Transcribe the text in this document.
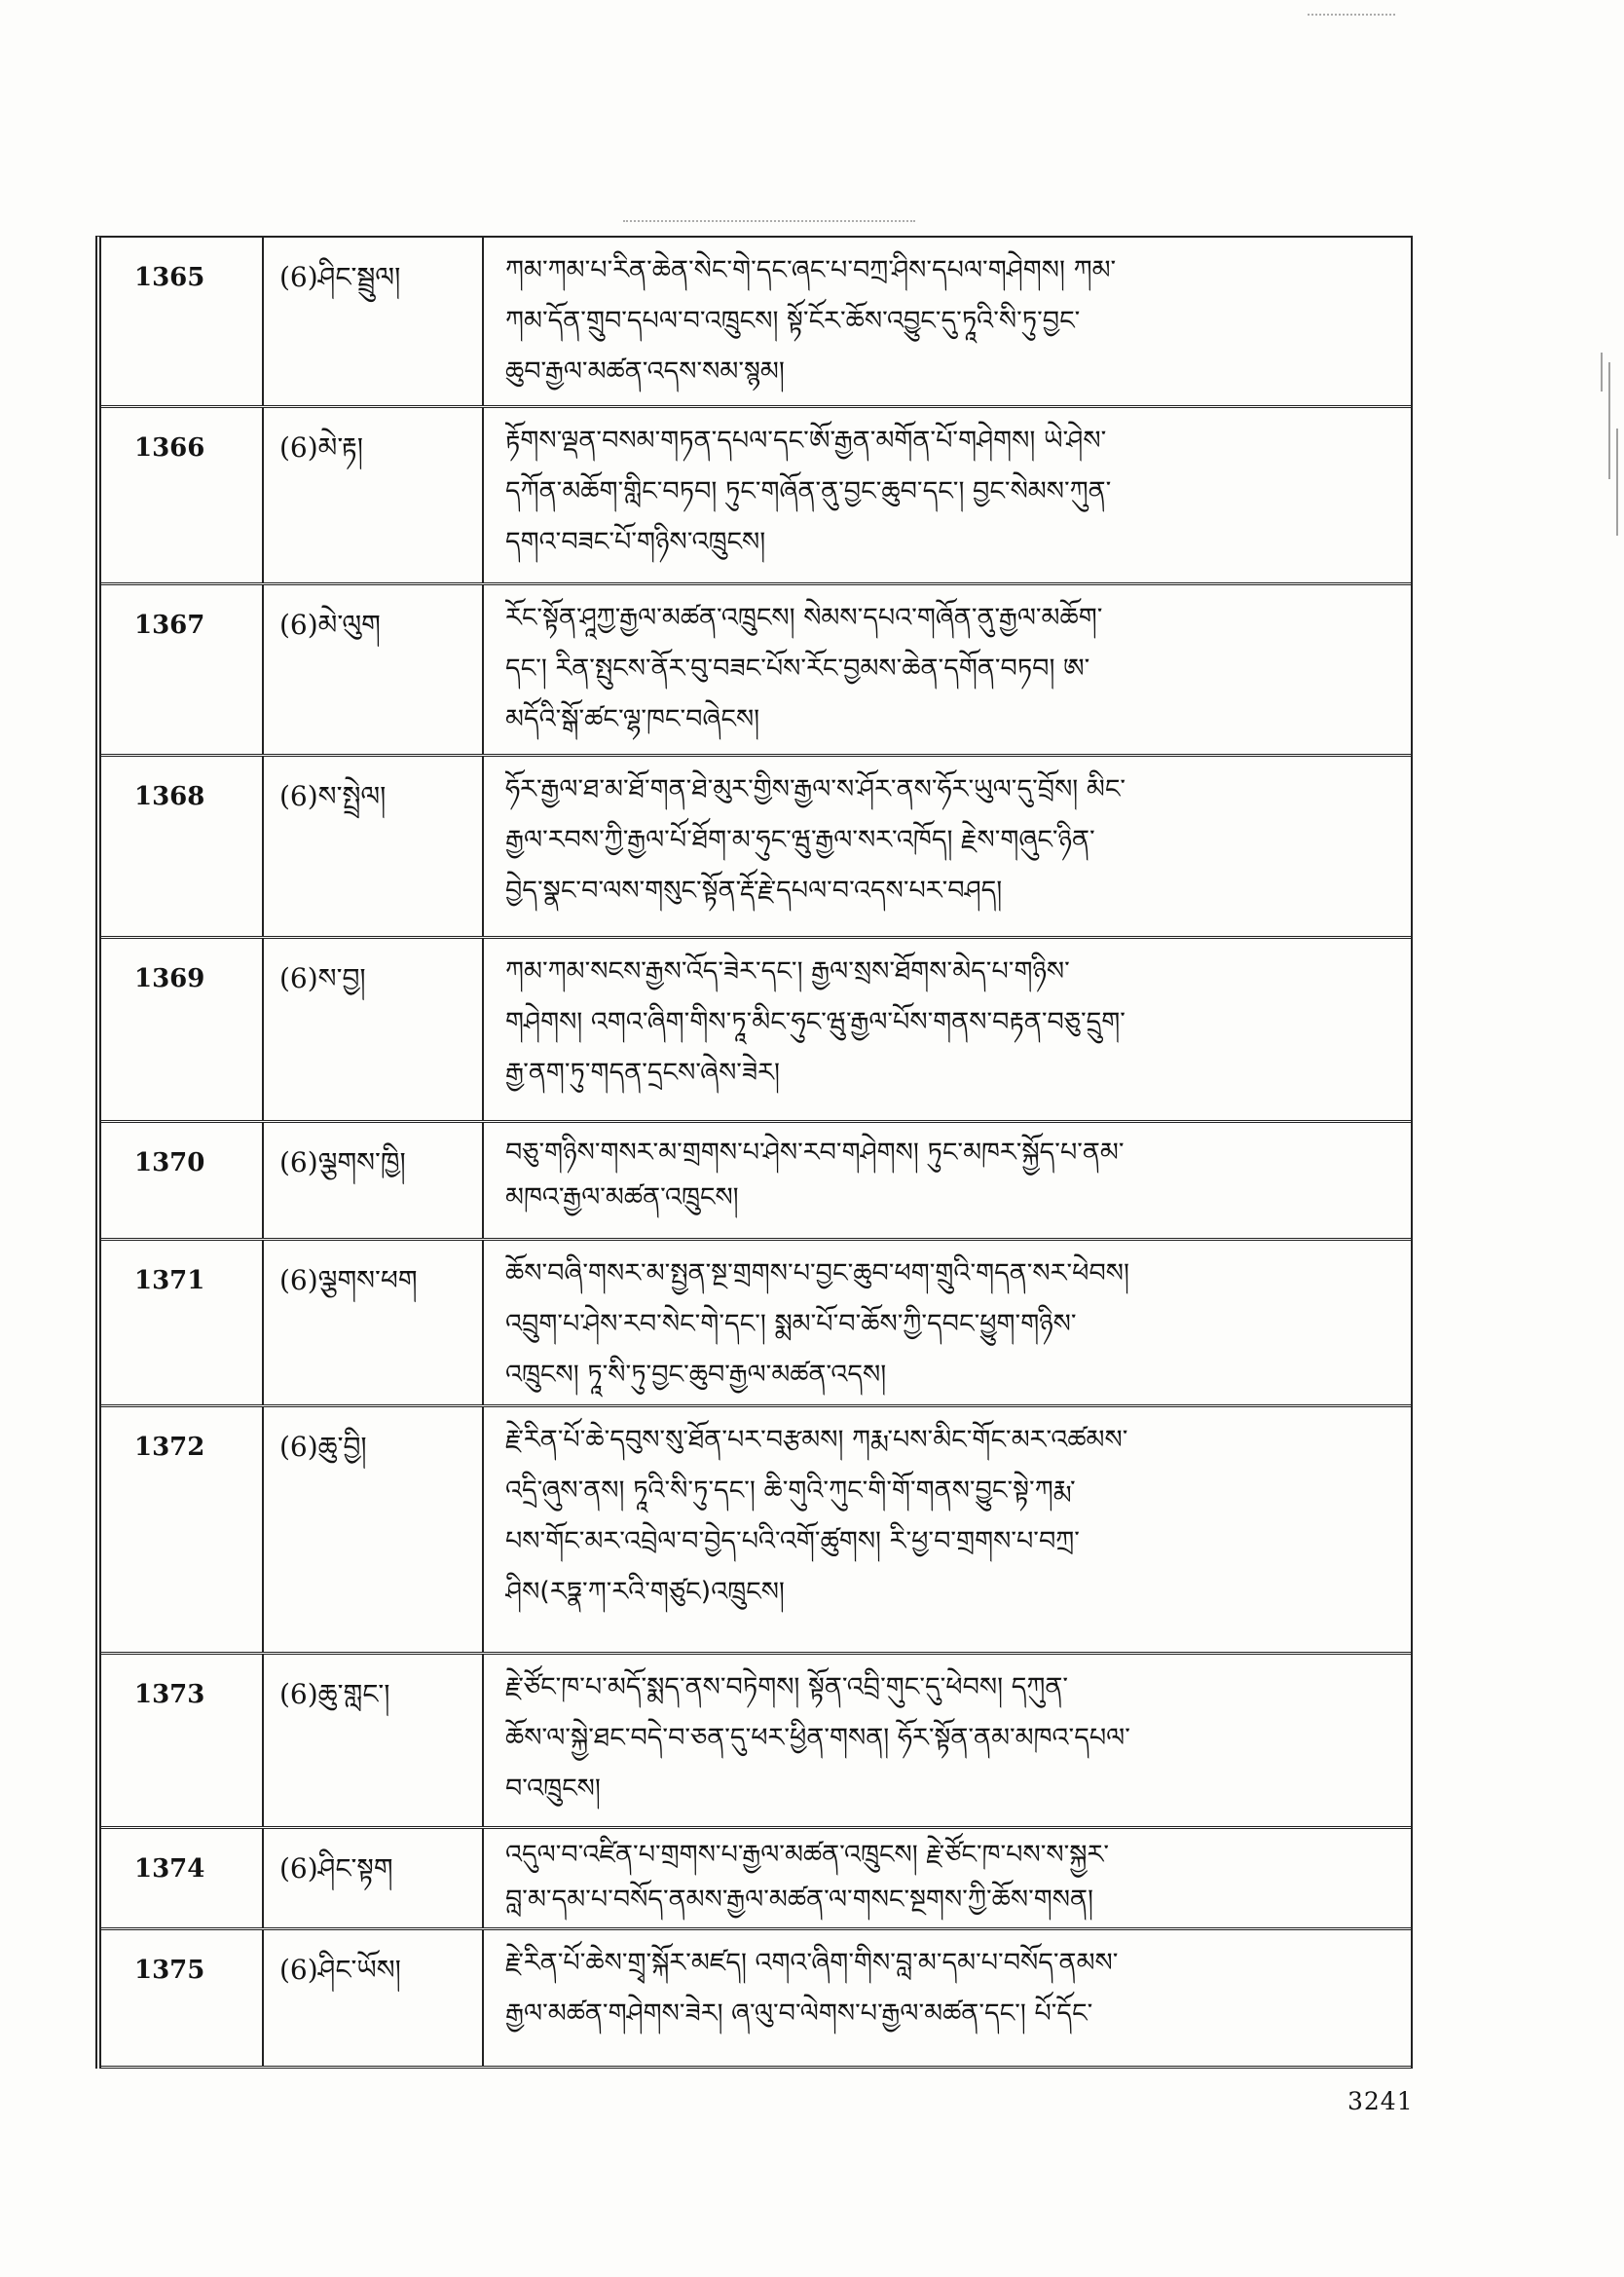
1365	(6)ཤིང་སྦྲུལ།	ཀམ་ཀམ་པ་རིན་ཆེན་སེང་གེ་དང་ཞང་པ་བཀྲ་ཤིས་དཔལ་གཤེགས། ཀམ་
ཀམ་དོན་གྲུབ་དཔལ་བ་འཁྲུངས། སྟོ་ངོར་ཆོས་འབྱུང་དུ་ཏཱའི་སི་ཏུ་བྱང་
ཆུབ་རྒྱལ་མཚན་འདས་སམ་སྙམ།
1366	(6)མེ་རྟ།	རྟོགས་ལྡན་བསམ་གཏན་དཔལ་དང་ཨོ་རྒྱན་མགོན་པོ་གཤེགས། ཡེ་ཤེས་
དཀོན་མཆོག་གླིང་བཏབ། ཏུང་གཞོན་ནུ་བྱང་ཆུབ་དང་། བྱང་སེམས་ཀུན་
དགའ་བཟང་པོ་གཉིས་འཁྲུངས།
1367	(6)མེ་ལུག	རོང་སྟོན་ཤཱཀྱ་རྒྱལ་མཚན་འཁྲུངས། སེམས་དཔའ་གཞོན་ནུ་རྒྱལ་མཆོག་
དང་། རིན་སྤུངས་ནོར་བུ་བཟང་པོས་རོང་བྱམས་ཆེན་དགོན་བཏབ། ཨ་
མདོའི་སྒོ་ཚང་ལྷ་ཁང་བཞེངས།
1368	(6)ས་སྤྲེལ།	ཧོར་རྒྱལ་ཐ་མ་ཐོ་གན་ཐེ་མུར་གྱིས་རྒྱལ་ས་ཤོར་ནས་ཧོར་ཡུལ་དུ་བྲོས། མིང་
རྒྱལ་རབས་ཀྱི་རྒྱལ་པོ་ཐོག་མ་ཧུང་ཝུ་རྒྱལ་སར་འཁོད། རྗེས་གཞུང་ཉིན་
བྱེད་སྣང་བ་ལས་གསུང་སྟོན་རྡོ་རྗེ་དཔལ་བ་འདས་པར་བཤད།
1369	(6)ས་བྱ།	ཀམ་ཀམ་སངས་རྒྱས་འོད་ཟེར་དང་། རྒྱལ་སྲས་ཐོགས་མེད་པ་གཉིས་
གཤེགས། འགའ་ཞིག་གིས་ཏཱ་མིང་ཧུང་ཝུ་རྒྱལ་པོས་གནས་བརྟན་བཅུ་དྲུག་
རྒྱ་ནག་ཏུ་གདན་དྲངས་ཞེས་ཟེར།
1370	(6)ལྕགས་ཁྱི།	བཅུ་གཉིས་གསར་མ་གྲགས་པ་ཤེས་རབ་གཤེགས། ཏུང་མཁར་སྐྱོད་པ་ནམ་
མཁའ་རྒྱལ་མཚན་འཁྲུངས།
1371	(6)ལྕགས་ཕག	ཆོས་བཞི་གསར་མ་སྤྱན་སྔ་གྲགས་པ་བྱང་ཆུབ་ཕག་གྲུའི་གདན་སར་ཕེབས།
འབྲུག་པ་ཤེས་རབ་སེང་གེ་དང་། སྨམ་པོ་བ་ཆོས་ཀྱི་དབང་ཕྱུག་གཉིས་
འཁྲུངས། ཏཱ་སི་ཏུ་བྱང་ཆུབ་རྒྱལ་མཚན་འདས།
1372	(6)ཆུ་བྱི།	རྗེ་རིན་པོ་ཆེ་དབུས་སུ་ཐོན་པར་བརྩམས། ཀརྨ་པས་མིང་གོང་མར་འཚམས་
འདྲི་ཞུས་ནས། ཏཱའི་སི་ཏུ་དང་། ཆི་གུའི་ཀུང་གི་གོ་གནས་བྱུང་སྟེ་ཀརྨ་
པས་གོང་མར་འབྲེལ་བ་བྱེད་པའི་འགོ་ཚུགས། རི་ཕྱ་བ་གྲགས་པ་བཀྲ་
ཤིས(རཏྣ་ཀ་རའི་གཙུང)འཁྲུངས།
1373	(6)ཆུ་གླང་།	རྗེ་ཙོང་ཁ་པ་མདོ་སྨད་ནས་བཏེགས། སྟོན་འབྲི་གུང་དུ་ཕེབས། དཀུན་
ཆོས་ལ་སྐྱེ་ཐང་བདེ་བ་ཅན་དུ་ཕར་ཕྱིན་གསན། ཧོར་སྟོན་ནམ་མཁའ་དཔལ་
བ་འཁྲུངས།
1374	(6)ཤིང་སྟག	འདུལ་བ་འཛིན་པ་གྲགས་པ་རྒྱལ་མཚན་འཁྲུངས། རྗེ་ཙོང་ཁ་པས་ས་སྐྱར་
བླ་མ་དམ་པ་བསོད་ནམས་རྒྱལ་མཚན་ལ་གསང་སྔགས་ཀྱི་ཆོས་གསན།
1375	(6)ཤིང་ཡོས།	རྗེ་རིན་པོ་ཆེས་གྲྭ་སྐོར་མཛད། འགའ་ཞིག་གིས་བླ་མ་དམ་པ་བསོད་ནམས་
རྒྱལ་མཚན་གཤེགས་ཟེར། ཞ་ལུ་བ་ལེགས་པ་རྒྱལ་མཚན་དང་། པོ་དོང་
3241
